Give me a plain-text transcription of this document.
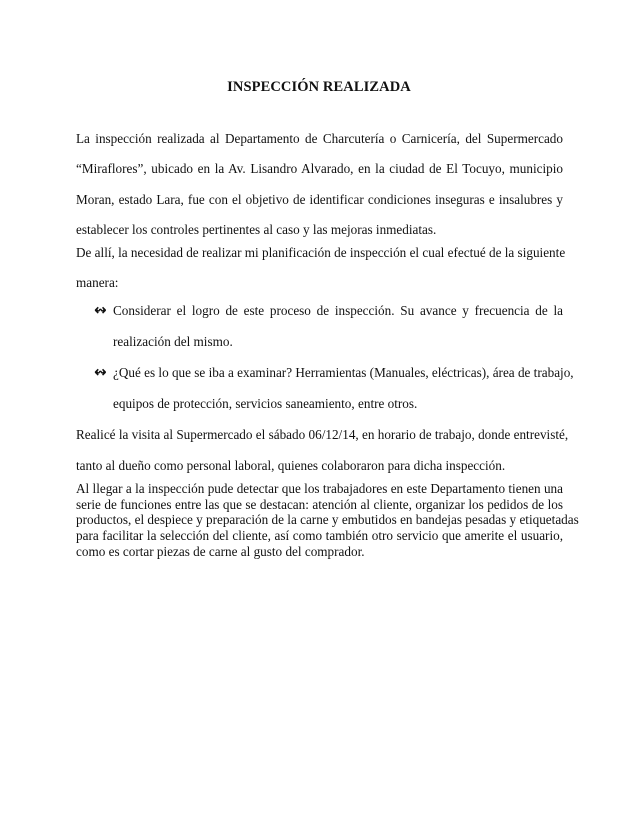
INSPECCIÓN REALIZADA
La inspección realizada al Departamento de Charcutería o Carnicería, del Supermercado
“Miraflores”, ubicado en la Av. Lisandro Alvarado, en la ciudad de El Tocuyo, municipio
Moran, estado Lara, fue con el objetivo de identificar condiciones inseguras e insalubres y
establecer los controles pertinentes al caso y las mejoras inmediatas.
De allí, la necesidad de realizar mi planificación de inspección el cual efectué de la siguiente
manera:
↭ Considerar el logro de este proceso de inspección. Su avance y frecuencia de la
realización del mismo.
↭ ¿Qué es lo que se iba a examinar? Herramientas (Manuales, eléctricas), área de trabajo,
equipos de protección, servicios saneamiento, entre otros.
Realicé la visita al Supermercado el sábado 06/12/14, en horario de trabajo, donde entrevisté,
tanto al dueño como personal laboral, quienes colaboraron para dicha inspección.
Al llegar a la inspección pude detectar que los trabajadores en este Departamento tienen una
serie de funciones entre las que se destacan: atención al cliente, organizar los pedidos de los
productos, el despiece y preparación de la carne y embutidos en bandejas pesadas y etiquetadas
para facilitar la selección del cliente, así como también otro servicio que amerite el usuario,
como es cortar piezas de carne al gusto del comprador.
